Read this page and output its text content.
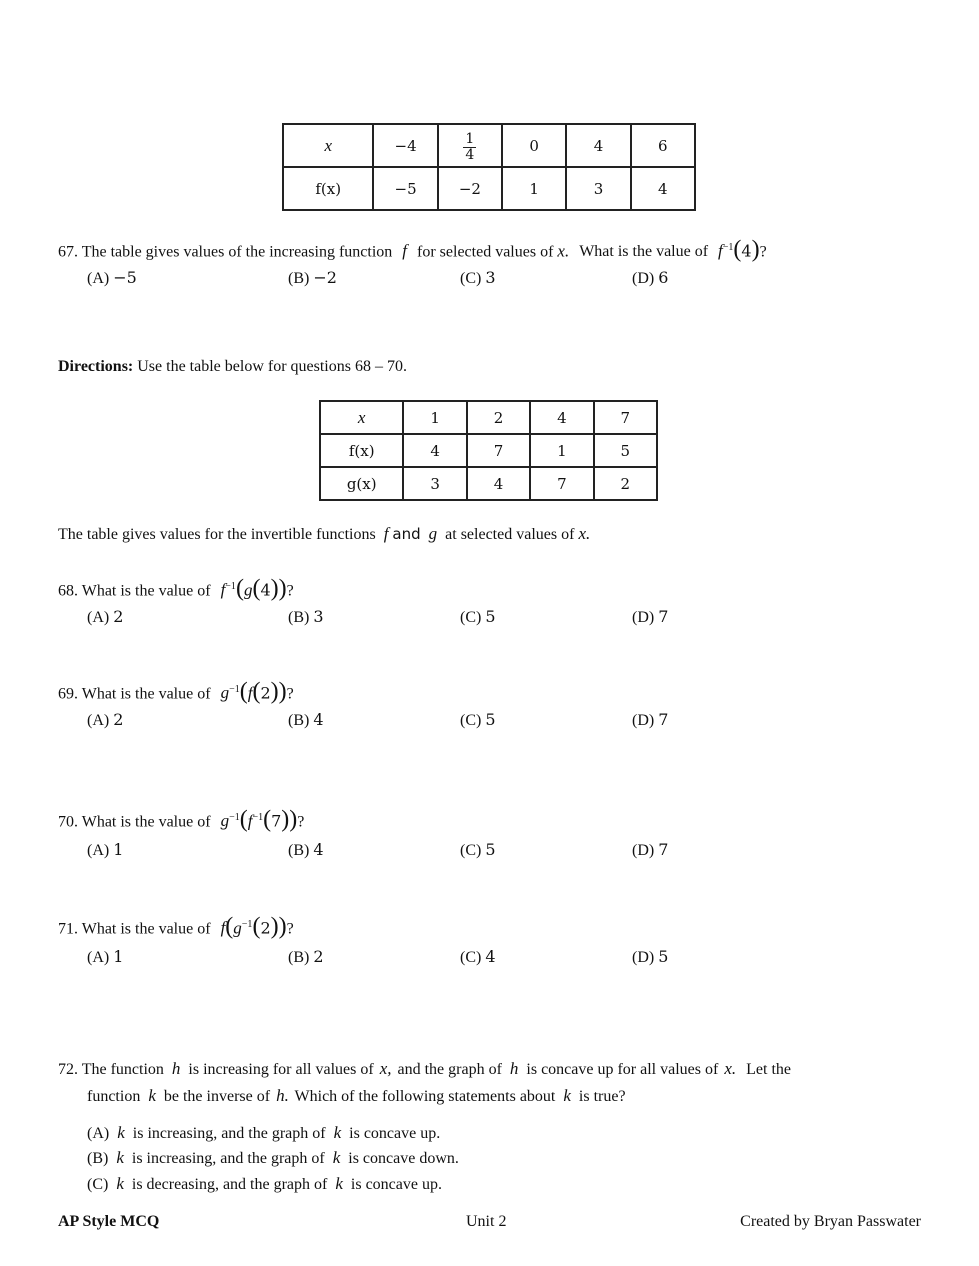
x	−4	$\frac{1}{4}$	0	4	6
f(x)	−5	−2	1	3	4
67. The table gives values of the increasing function f for selected values of x. What is the value of $f^{-1}(4)$?
(A) −5	(B) −2	(C) 3	(D) 6
Directions: Use the table below for questions 68 – 70.
x	1	2	4	7
f(x)	4	7	1	5
g(x)	3	4	7	2
The table gives values for the invertible functions f and g at selected values of x.
68. What is the value of $f^{-1}(g(4))$?
(A) 2	(B) 3	(C) 5	(D) 7
69. What is the value of $g^{-1}(f(2))$?
(A) 2	(B) 4	(C) 5	(D) 7
70. What is the value of $g^{-1}(f^{-1}(7))$?
(A) 1	(B) 4	(C) 5	(D) 7
71. What is the value of $f(g^{-1}(2))$?
(A) 1	(B) 2	(C) 4	(D) 5
72. The function h is increasing for all values of x, and the graph of h is concave up for all values of x. Let the
function k be the inverse of h. Which of the following statements about k is true?
(A) k is increasing, and the graph of k is concave up.
(B) k is increasing, and the graph of k is concave down.
(C) k is decreasing, and the graph of k is concave up.
AP Style MCQ	Unit 2	Created by Bryan Passwater
